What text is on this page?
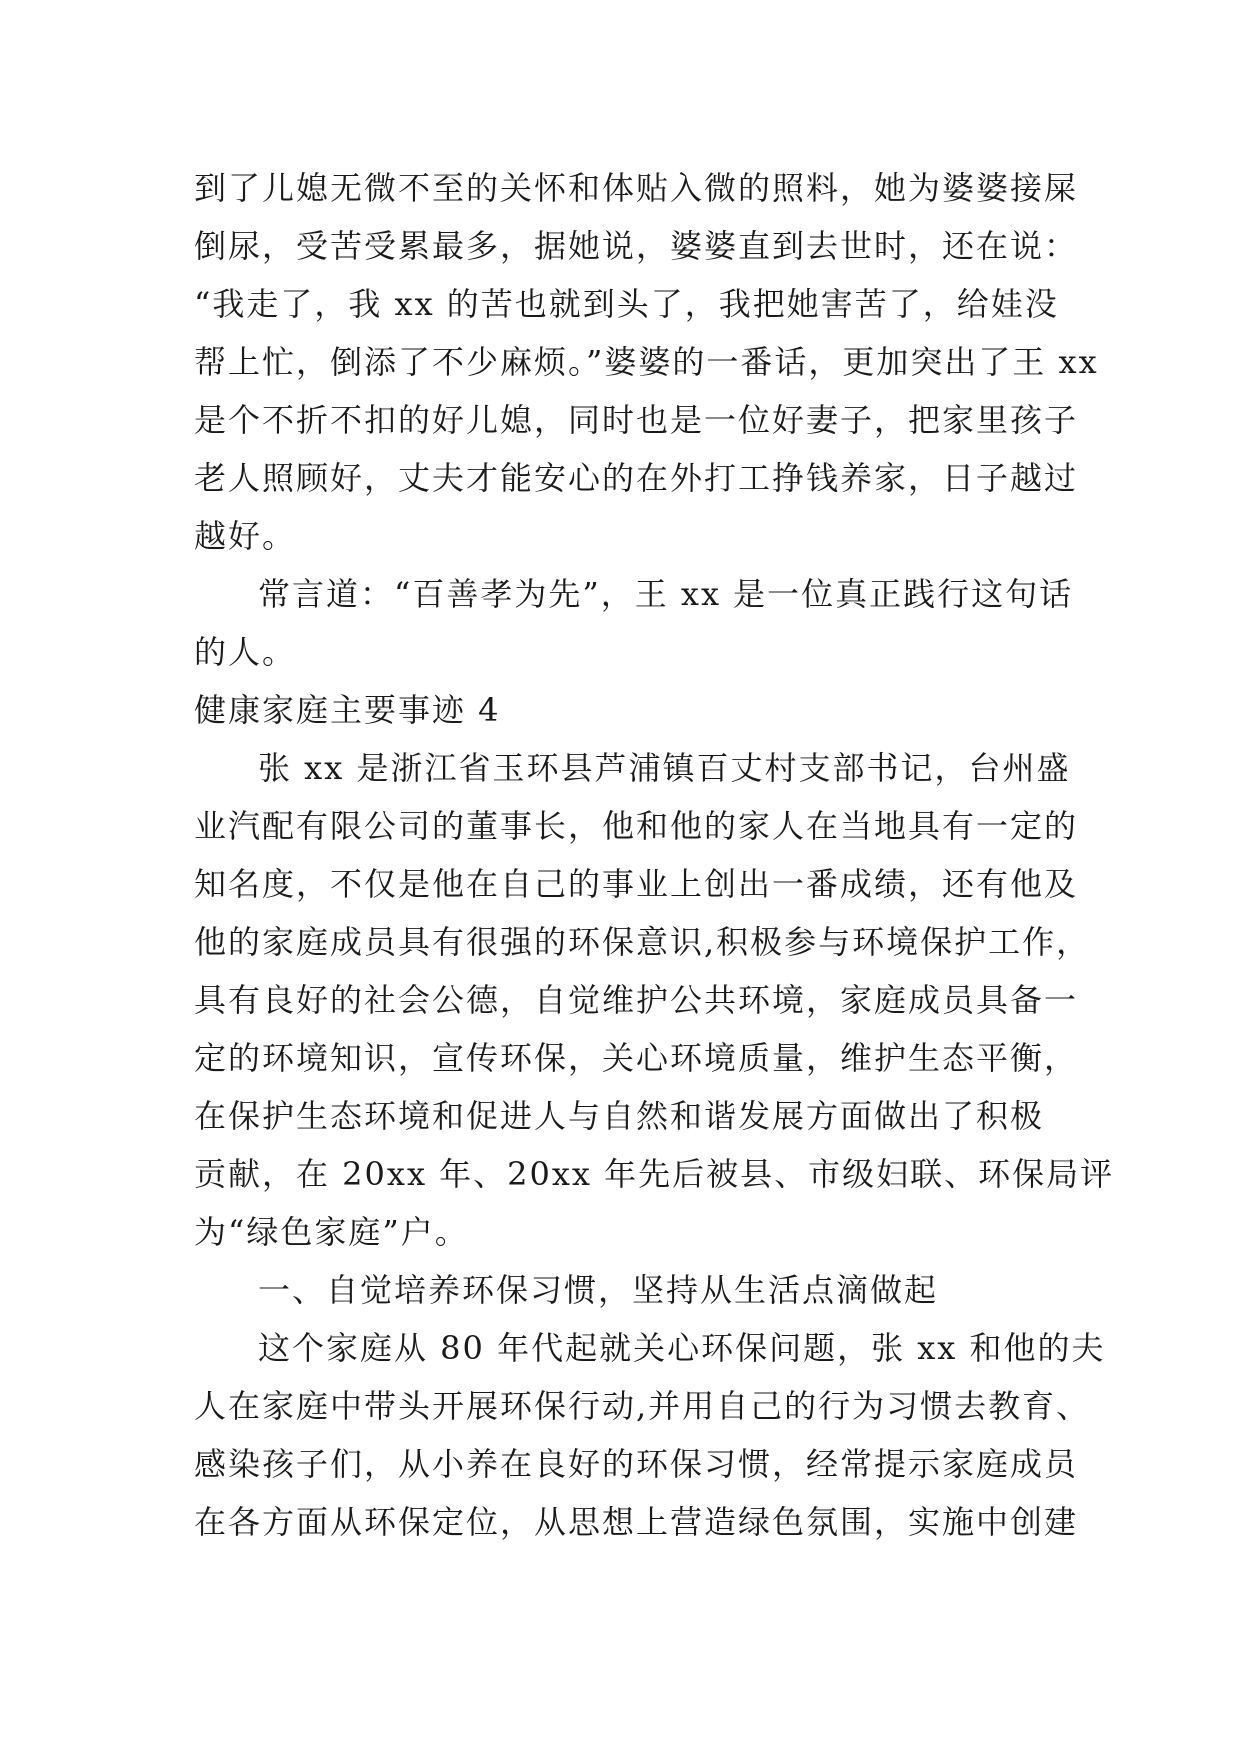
到了儿媳无微不至的关怀和体贴入微的照料，她为婆婆接屎
倒尿，受苦受累最多，据她说，婆婆直到去世时，还在说：
“我走了，我 xx 的苦也就到头了，我把她害苦了，给娃没
帮上忙，倒添了不少麻烦。”婆婆的一番话，更加突出了王 xx
是个不折不扣的好儿媳，同时也是一位好妻子，把家里孩子
老人照顾好，丈夫才能安心的在外打工挣钱养家，日子越过
越好。
常言道：“百善孝为先”，王 xx 是一位真正践行这句话
的人。
健康家庭主要事迹 4
张 xx 是浙江省玉环县芦浦镇百丈村支部书记，台州盛
业汽配有限公司的董事长，他和他的家人在当地具有一定的
知名度，不仅是他在自己的事业上创出一番成绩，还有他及
他的家庭成员具有很强的环保意识,积极参与环境保护工作，
具有良好的社会公德，自觉维护公共环境，家庭成员具备一
定的环境知识，宣传环保，关心环境质量，维护生态平衡，
在保护生态环境和促进人与自然和谐发展方面做出了积极
贡献，在 20xx 年、20xx 年先后被县、市级妇联、环保局评
为“绿色家庭”户。
一、自觉培养环保习惯，坚持从生活点滴做起
这个家庭从 80 年代起就关心环保问题，张 xx 和他的夫
人在家庭中带头开展环保行动,并用自己的行为习惯去教育、
感染孩子们，从小养在良好的环保习惯，经常提示家庭成员
在各方面从环保定位，从思想上营造绿色氛围，实施中创建
